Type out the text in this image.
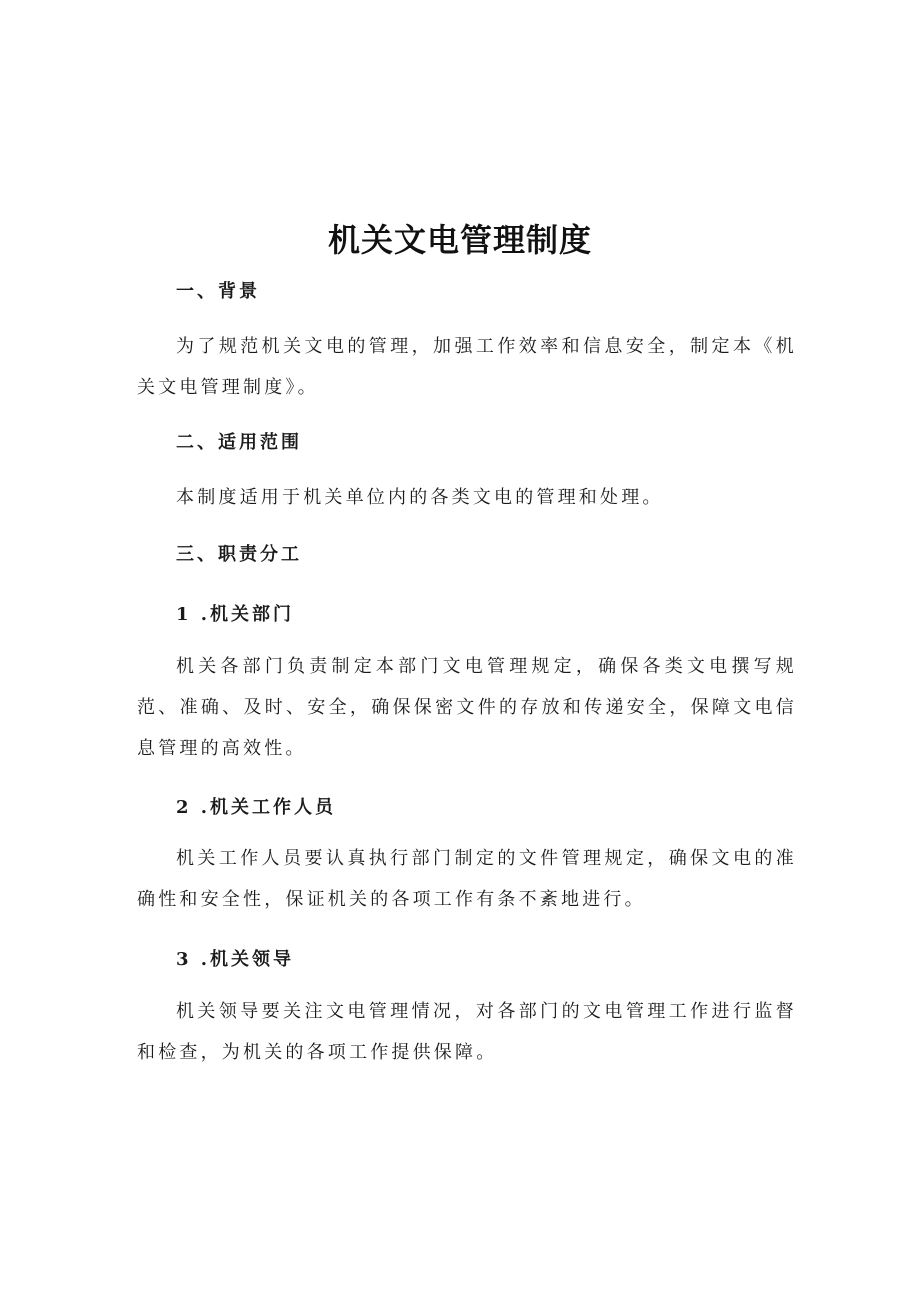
机关文电管理制度

一、背景

为了规范机关文电的管理，加强工作效率和信息安全，制定本《机关文电管理制度》。

二、适用范围

本制度适用于机关单位内的各类文电的管理和处理。

三、职责分工

1 .机关部门

机关各部门负责制定本部门文电管理规定，确保各类文电撰写规范、准确、及时、安全，确保保密文件的存放和传递安全，保障文电信息管理的高效性。

2 .机关工作人员

机关工作人员要认真执行部门制定的文件管理规定，确保文电的准确性和安全性，保证机关的各项工作有条不紊地进行。

3 .机关领导

机关领导要关注文电管理情况，对各部门的文电管理工作进行监督和检查，为机关的各项工作提供保障。
